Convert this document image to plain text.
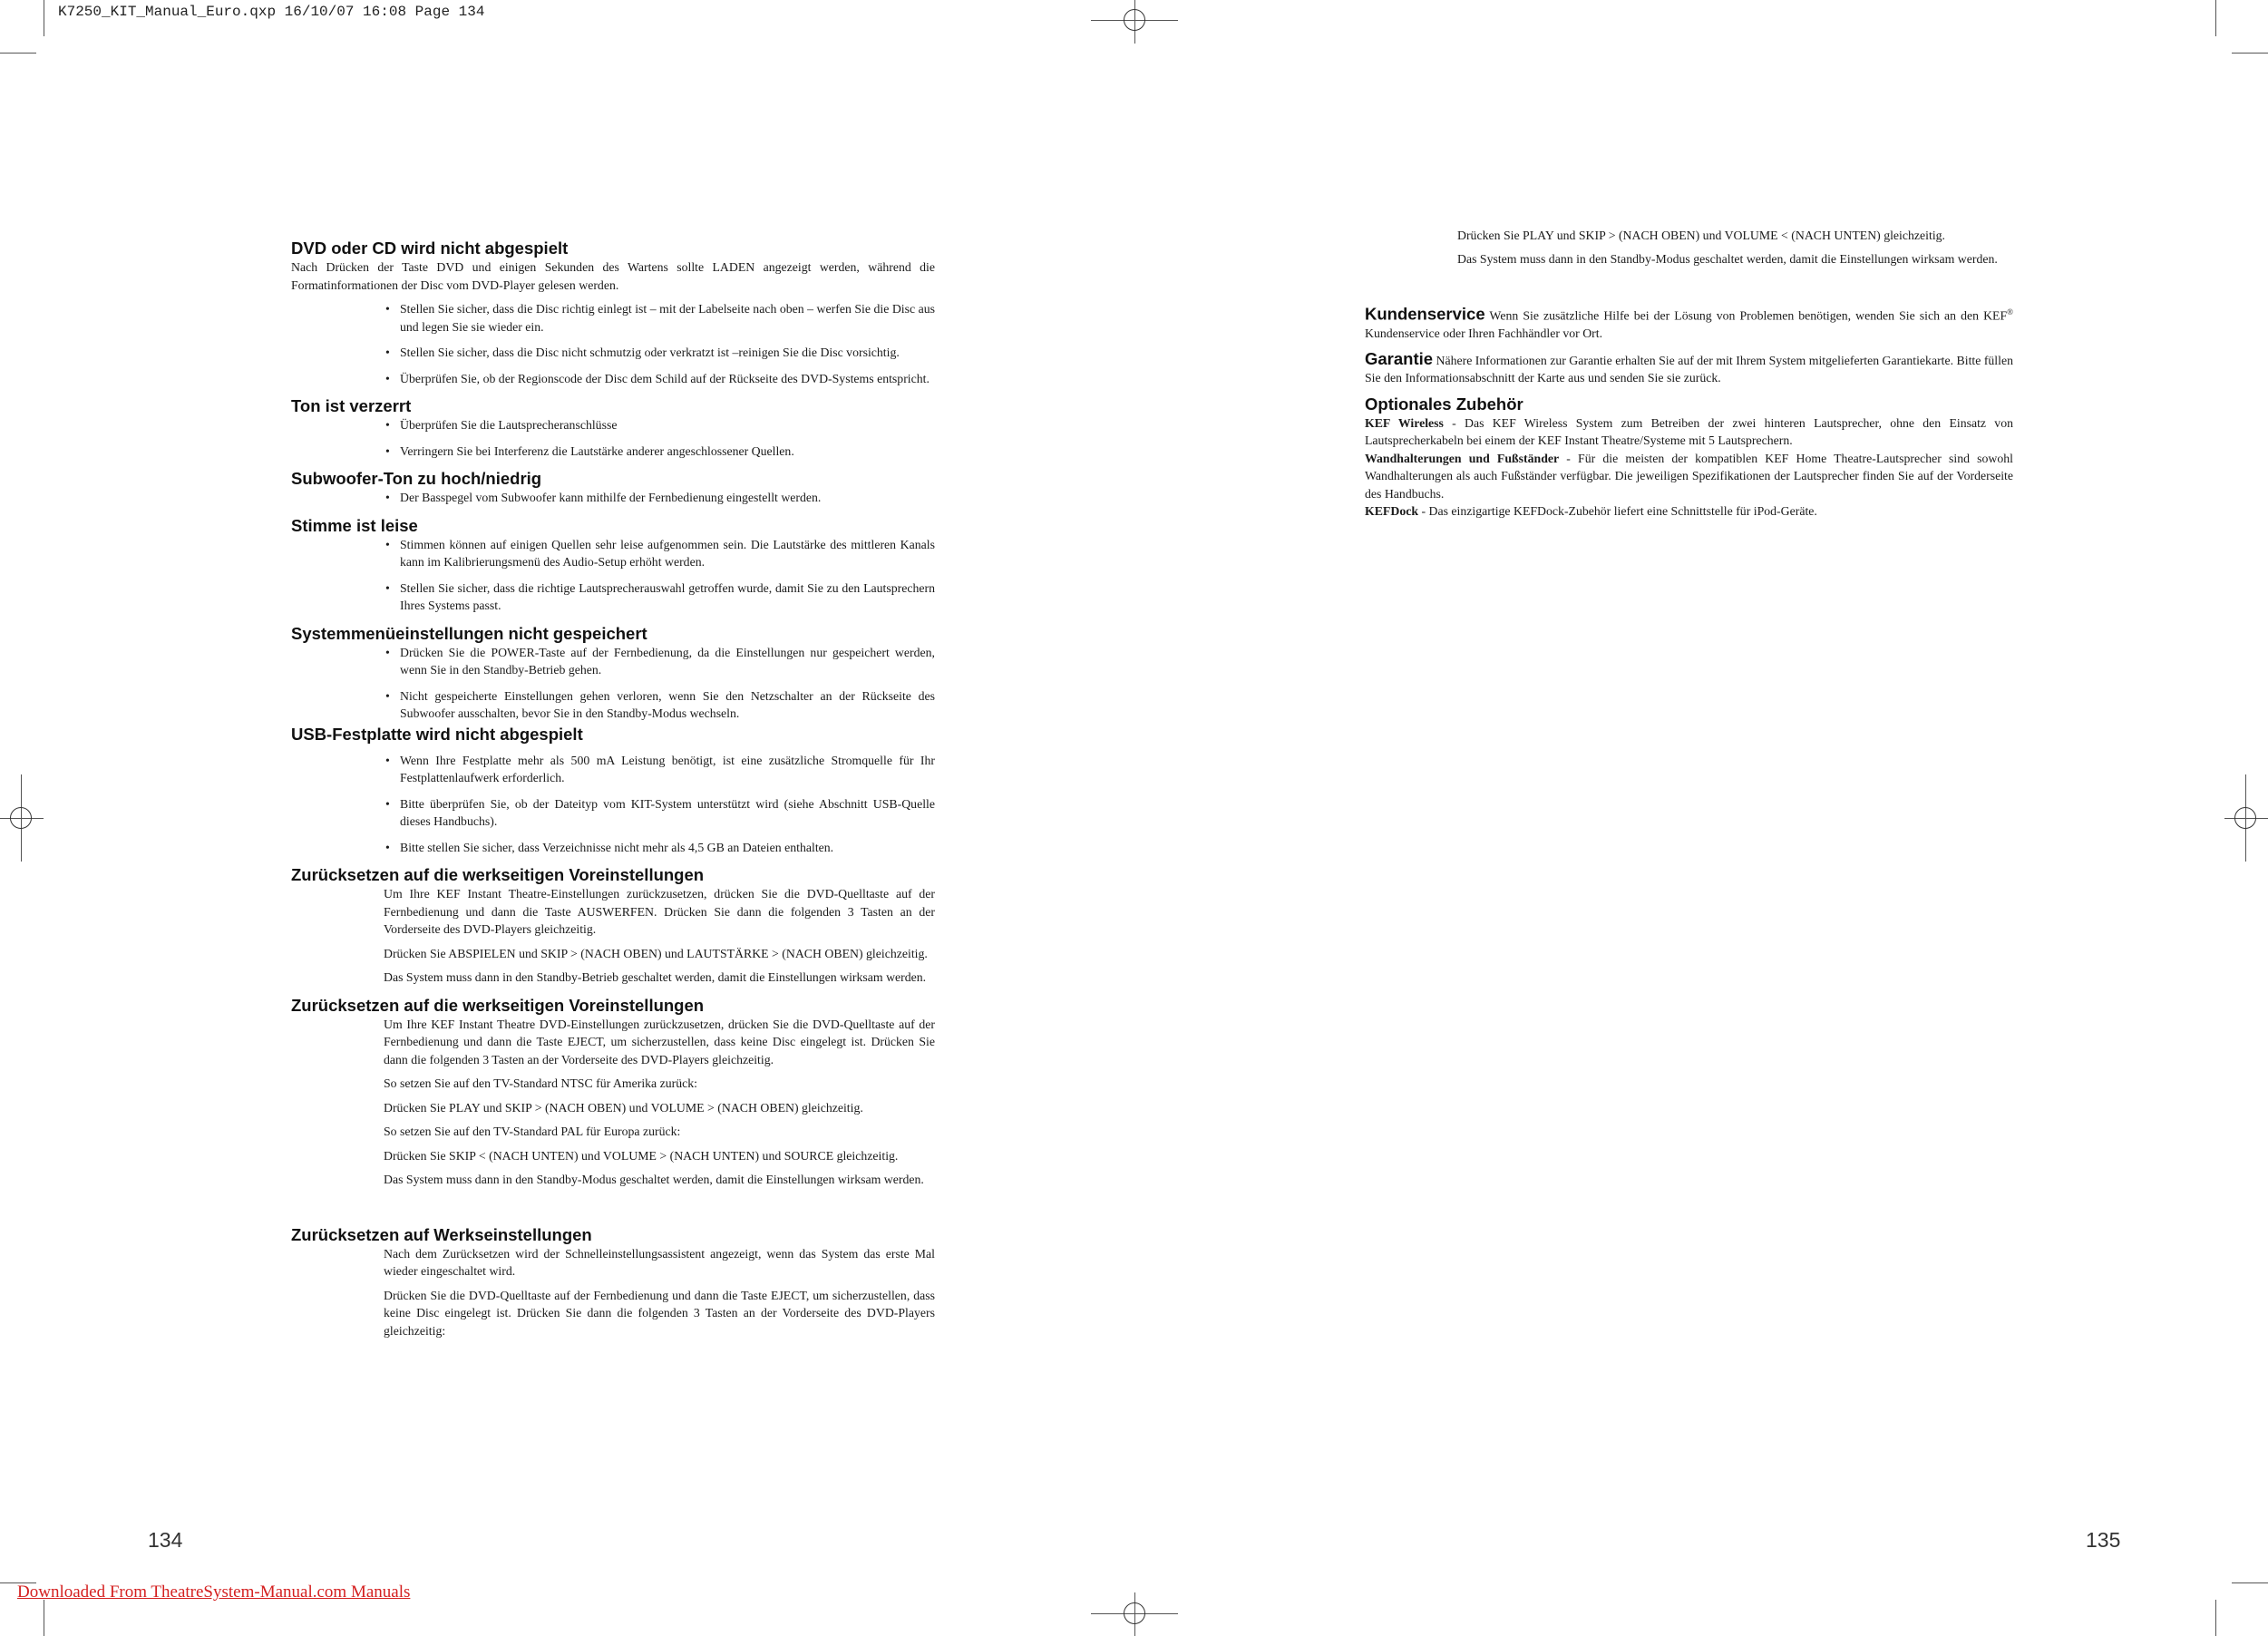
K7250_KIT_Manual_Euro.qxp 16/10/07 16:08 Page 134
DVD oder CD wird nicht abgespielt

Nach Drücken der Taste DVD und einigen Sekunden des Wartens sollte LADEN angezeigt werden, während die Formatinformationen der Disc vom DVD-Player gelesen werden.

• Stellen Sie sicher, dass die Disc richtig einlegt ist – mit der Labelseite nach oben – werfen Sie die Disc aus und legen Sie sie wieder ein.
• Stellen Sie sicher, dass die Disc nicht schmutzig oder verkratzt ist –reinigen Sie die Disc vorsichtig.
• Überprüfen Sie, ob der Regionscode der Disc dem Schild auf der Rückseite des DVD-Systems entspricht.
Ton ist verzerrt
• Überprüfen Sie die Lautsprecheranschlüsse
• Verringern Sie bei Interferenz die Lautstärke anderer angeschlossener Quellen.
Subwoofer-Ton zu hoch/niedrig
• Der Basspegel vom Subwoofer kann mithilfe der Fernbedienung eingestellt werden.
Stimme ist leise
• Stimmen können auf einigen Quellen sehr leise aufgenommen sein. Die Lautstärke des mittleren Kanals kann im Kalibrierungsmenü des Audio-Setup erhöht werden.
• Stellen Sie sicher, dass die richtige Lautsprecherauswahl getroffen wurde, damit Sie zu den Lautsprechern Ihres Systems passt.
Systemmenüeinstellungen nicht gespeichert
• Drücken Sie die POWER-Taste auf der Fernbedienung, da die Einstellungen nur gespeichert werden, wenn Sie in den Standby-Betrieb gehen.
• Nicht gespeicherte Einstellungen gehen verloren, wenn Sie den Netzschalter an der Rückseite des Subwoofer ausschalten, bevor Sie in den Standby-Modus wechseln.
USB-Festplatte wird nicht abgespielt
• Wenn Ihre Festplatte mehr als 500 mA Leistung benötigt, ist eine zusätzliche Stromquelle für Ihr Festplattenlaufwerk erforderlich.
• Bitte überprüfen Sie, ob der Dateityp vom KIT-System unterstützt wird (siehe Abschnitt USB-Quelle dieses Handbuchs).
• Bitte stellen Sie sicher, dass Verzeichnisse nicht mehr als 4,5 GB an Dateien enthalten.
Zurücksetzen auf die werkseitigen Voreinstellungen

Um Ihre KEF Instant Theatre-Einstellungen zurückzusetzen, drücken Sie die DVD-Quelltaste auf der Fernbedienung und dann die Taste AUSWERFEN. Drücken Sie dann die folgenden 3 Tasten an der Vorderseite des DVD-Players gleichzeitig.

Drücken Sie ABSPIELEN und SKIP > (NACH OBEN) und LAUTSTÄRKE > (NACH OBEN) gleichzeitig.

Das System muss dann in den Standby-Betrieb geschaltet werden, damit die Einstellungen wirksam werden.

Zurücksetzen auf die werkseitigen Voreinstellungen

Um Ihre KEF Instant Theatre DVD-Einstellungen zurückzusetzen, drücken Sie die DVD-Quelltaste auf der Fernbedienung und dann die Taste EJECT, um sicherzustellen, dass keine Disc eingelegt ist. Drücken Sie dann die folgenden 3 Tasten an der Vorderseite des DVD-Players gleichzeitig.

So setzen Sie auf den TV-Standard NTSC für Amerika zurück:

Drücken Sie PLAY und SKIP > (NACH OBEN) und VOLUME > (NACH OBEN) gleichzeitig.

So setzen Sie auf den TV-Standard PAL für Europa zurück:

Drücken Sie SKIP < (NACH UNTEN) und VOLUME > (NACH UNTEN) und SOURCE gleichzeitig.

Das System muss dann in den Standby-Modus geschaltet werden, damit die Einstellungen wirksam werden.

Zurücksetzen auf Werkseinstellungen

Nach dem Zurücksetzen wird der Schnelleinstellungsassistent angezeigt, wenn das System das erste Mal wieder eingeschaltet wird.

Drücken Sie die DVD-Quelltaste auf der Fernbedienung und dann die Taste EJECT, um sicherzustellen, dass keine Disc eingelegt ist. Drücken Sie dann die folgenden 3 Tasten an der Vorderseite des DVD-Players gleichzeitig:

Drücken Sie PLAY und SKIP > (NACH OBEN) und VOLUME < (NACH UNTEN) gleichzeitig.

Das System muss dann in den Standby-Modus geschaltet werden, damit die Einstellungen wirksam werden.

Kundenservice Wenn Sie zusätzliche Hilfe bei der Lösung von Problemen benötigen, wenden Sie sich an den KEF® Kundenservice oder Ihren Fachhändler vor Ort.

Garantie Nähere Informationen zur Garantie erhalten Sie auf der mit Ihrem System mitgelieferten Garantiekarte. Bitte füllen Sie den Informationsabschnitt der Karte aus und senden Sie sie zurück.

Optionales Zubehör

KEF Wireless - Das KEF Wireless System zum Betreiben der zwei hinteren Lautsprecher, ohne den Einsatz von Lautsprecherkabeln bei einem der KEF Instant Theatre/Systeme mit 5 Lautsprechern.

Wandhalterungen und Fußständer - Für die meisten der kompatiblen KEF Home Theatre-Lautsprecher sind sowohl Wandhalterungen als auch Fußständer verfügbar. Die jeweiligen Spezifikationen der Lautsprecher finden Sie auf der Vorderseite des Handbuchs.

KEFDock - Das einzigartige KEFDock-Zubehör liefert eine Schnittstelle für iPod-Geräte.

134	135
Downloaded From TheatreSystem-Manual.com Manuals
